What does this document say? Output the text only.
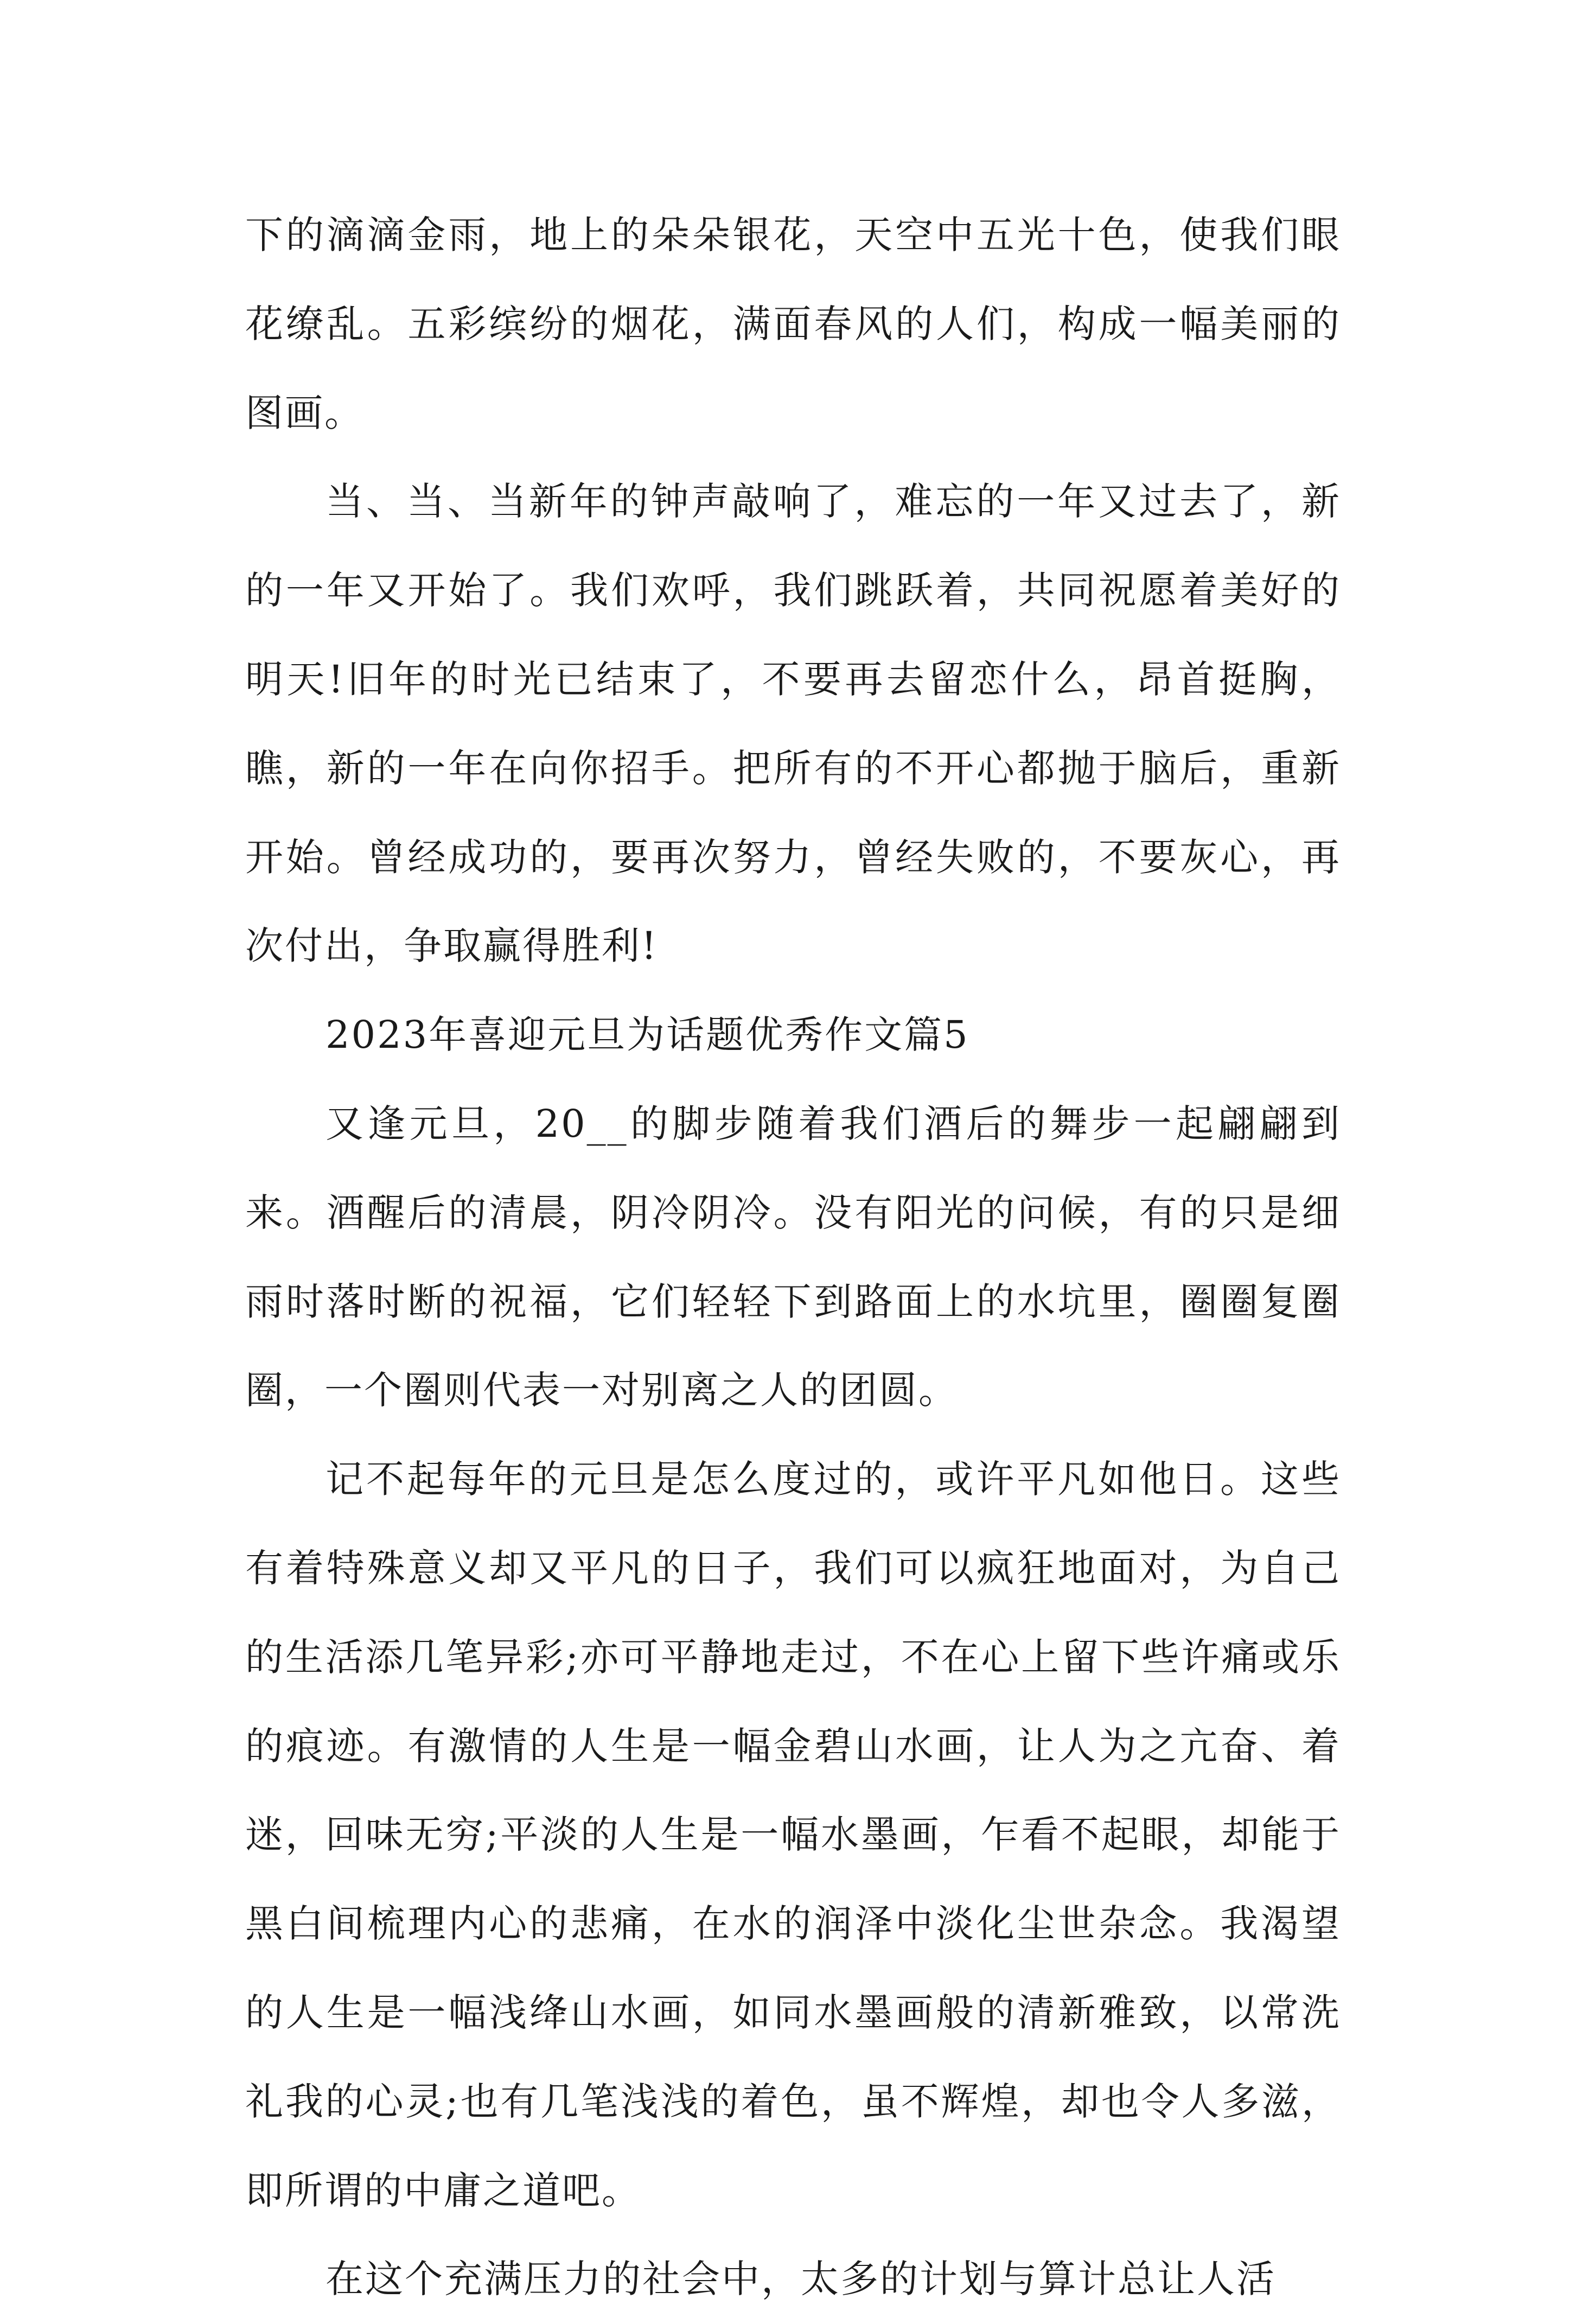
下的滴滴金雨，地上的朵朵银花，天空中五光十色，使我们眼花缭乱。五彩缤纷的烟花，满面春风的人们，构成一幅美丽的图画。

当、当、当新年的钟声敲响了，难忘的一年又过去了，新的一年又开始了。我们欢呼，我们跳跃着，共同祝愿着美好的明天!旧年的时光已结束了，不要再去留恋什么，昂首挺胸，瞧，新的一年在向你招手。把所有的不开心都抛于脑后，重新开始。曾经成功的，要再次努力，曾经失败的，不要灰心，再次付出，争取赢得胜利!

2023年喜迎元旦为话题优秀作文篇5

又逢元旦，20__的脚步随着我们酒后的舞步一起翩翩到来。酒醒后的清晨，阴冷阴冷。没有阳光的问候，有的只是细雨时落时断的祝福，它们轻轻下到路面上的水坑里，圈圈复圈圈，一个圈则代表一对别离之人的团圆。

记不起每年的元旦是怎么度过的，或许平凡如他日。这些有着特殊意义却又平凡的日子，我们可以疯狂地面对，为自己的生活添几笔异彩;亦可平静地走过，不在心上留下些许痛或乐的痕迹。有激情的人生是一幅金碧山水画，让人为之亢奋、着迷，回味无穷;平淡的人生是一幅水墨画，乍看不起眼，却能于黑白间梳理内心的悲痛，在水的润泽中淡化尘世杂念。我渴望的人生是一幅浅绛山水画，如同水墨画般的清新雅致，以常洗礼我的心灵;也有几笔浅浅的着色，虽不辉煌，却也令人多滋，即所谓的中庸之道吧。

在这个充满压力的社会中，太多的计划与算计总让人活
